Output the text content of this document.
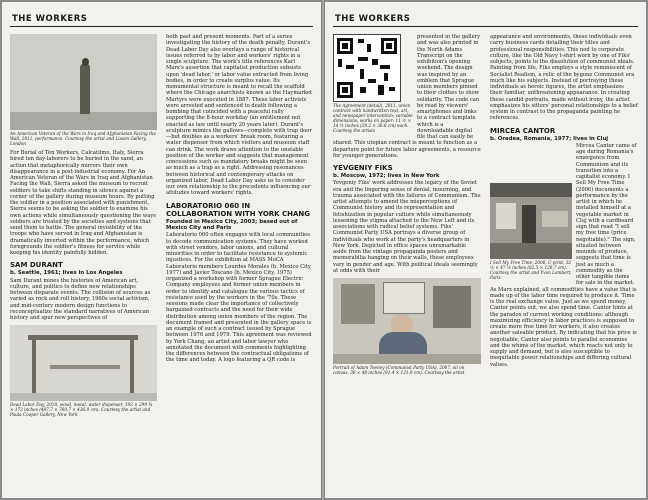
THE WORKERS
An American Veteran of the Wars in Iraq and Afghanistan Facing the Wall, 2011, performance. Courtesy the artist and Lisson Gallery, London

For Burial of Ten Workers, Calcatilmo, Italy, Sierra hired ten day-laborers to be buried in the sand, an action that metaphorically mirrors their own disappearance in a post-industrial economy. For An American Veteran of the Wars in Iraq and Afghanistan Facing the Wall, Sierra asked the museum to recruit soldiers to take shifts standing in silence against a corner of the gallery during museum hours. By putting the soldier in a position associated with punishment, Sierra seems to be asking the soldier to examine his own actions while simultaneously questioning the ways soldiers are treated by the societies and systems that send them to battle. The general invisibility of the troops who have served in Iraq and Afghanistan is dramatically inverted within the performance, which foregrounds the soldier's fitness for service while keeping his identity painfully hidden.

SAM DURANT
b. Seattle, 1961; lives in Los Angeles

Sam Durant mines the histories of American art, culture, and politics to define new relationships between disparate events. The collision of sources as varied as rock and roll history, 1960s social activism, and mid-century modern design functions to reconceptualize the standard narratives of American history and spur new perspectives of

Dead Labor Day, 2010, wood, metal, water dispenser, 192 × 299 ¾ × 172 inches (487.7 × 760.7 × 436.9 cm). Courtesy the artist and Paula Cooper Gallery, New York

both past and present moments. Part of a series investigating the history of the death penalty, Durant's Dead Labor Day also overlays a range of historical issues referred to by labor and workers' rights in a single sculpture. The work's title references Karl Marx's assertion that capitalist production subsists upon 'dead labor,' or labor value extracted from living bodies, in order to create surplus value. Its monumental structure is meant to recall the scaffold where the Chicago anarchists known as the Haymarket Martyrs were executed in 1887. These labor activists were arrested and sentenced to death following a bombing that coincided with a peaceful rally supporting the 8-hour workday (an entitlement not enacted as law until nearly 20 years later). Durant's sculpture mimics the gallows—complete with trap door—but doubles as a workers' break room, featuring a water dispenser from which visitors and museum staff can drink. The work draws attention to the unstable position of the worker and suggests that management concessions such as mandatory breaks might be seen as much as a trap as a right. Addressing resonances between historical and contemporary attacks on organized labor, Dead Labor Day asks us to consider our own relationship to the precedents influencing our attitudes toward workers' rights.

LABORATORIO 060 IN COLLABORATION WITH YORK CHANG
Founded in Mexico City, 2003; based out of Mexico City and Paris

Laboratorio 060 often engages with local communities to decode communication systems. They have worked with street vendors, labor unions, and cultural minorities in order to facilitate resistance to systemic injustices. For the exhibition at MASS MoCA Laboratorio members Lourdes Morales (b. Mexico City, 1977) and Javier Toscano (b. Mexico City, 1975) organized a workshop with former Sprague Electric Company employees and former union members in order to identify and catalogue the various tactics of resistance used by the workers in the '70s. These sessions made clear the importance of collectively bargained contracts and the need for their wide distribution among union members of the region. The document framed and presented in the gallery space is an example of such a contract issued by Sprague between 1976 and 1979. This agreement was reviewed by York Chang, an artist and labor lawyer who annotated the document with comments highlighting the differences between the contractual obligations of the time and today. A logo featuring a QR code is

THE WORKERS
The Agreement (detail), 2011, union contract with handwritten text, art, and newspaper intervention; variable dimensions; works on paper: 11 ½ × 14 ½ inches (29.2 × 36.8 cm) each. Courtesy the artists

presented in the gallery and was also printed in the North Adams Transcript on the exhibition's opening weekend. The design was inspired by an emblem that Sprague union members pinned to their clothes to show solidarity. The code can be read by viewers' smartphones and links to a contract template which is a downloadable digital file that can easily be shared. This utopian contract is meant to function as a departure point for future labor agreements, a resource for younger generations.

YEVGENIY FIKS
b. Moscow, 1972; lives in New York

Yevgeniy Fiks' work addresses the legacy of the Soviet era and the lingering sense of denial, mourning, and trauma associated with the failures of Communism. The artist attempts to amend the misperceptions of Communist history and its representation and fetishization in popular culture while simultaneously lessening the stigma attached to the New Left and its associations with radical belief systems. Fiks' Communist Party USA portrays a diverse group of individuals who work at the party's headquarters in New York. Depicted in office spaces unremarkable aside from the vintage propaganda posters and memorabilia hanging on their walls, these employees vary in gender and age. With political ideals seemingly at odds with their

Portrait of Adam Teeney (Communist Party USA), 2007, oil on canvas, 36 × 48 inches (91.4 × 121.9 cm). Courtesy the artist

appearance and environments, these individuals even carry business cards detailing their titles and professional responsibilities. This nod to corporate culture, like the Old Navy t-shirt worn by one of Fiks' subjects, points to the dissolution of communist ideals. Painting from life, Fiks employs a style reminiscent of Socialist Realism, a relic of the bygone Communist era much like his subjects. Instead of portraying these individuals as heroic figures, the artist emphasizes their familiar, unthreatening appearance. In creating these candid portraits, made without irony, the artist emphasizes his sitters' personal relationships to a belief system in contrast to the propaganda painting he references.

MIRCEA CANTOR
b. Oradea, Romania, 1977; lives in Cluj
I Sell My Free Time, 2006, C-print, 32 ½ × 47 ½ inches (82.5 × 120.7 cm). Courtesy the artist and Yvon Lambert, Paris

Mircea Cantor came of age during Romania's emergence from Communism and its transition into a capitalist economy. I Sell My Free Time (2006) documents a performance by the artist in which he installed himself at a vegetable market in Cluj with a cardboard sign that read "I sell my free time (price negotiable)." The sign, situated between mounds of produce, suggests that time is just as much a commodity as the other tangible items for sale in the market. As Marx explained, all commodities have a value that is made up of the labor time required to produce it. Time is the real exchange value. Just as we spend money, Cantor points out, we also spend time. Cantor hints at the paradox of current working conditions: although maximizing efficiency in labor practices is supposed to create more free time for workers, it also creates another saleable product. By indicating that his price is negotiable, Cantor also points to parallel economies and the whims of the market, which reacts not only to supply and demand, but is also susceptible to inequitable power relationships and differing cultural values.
